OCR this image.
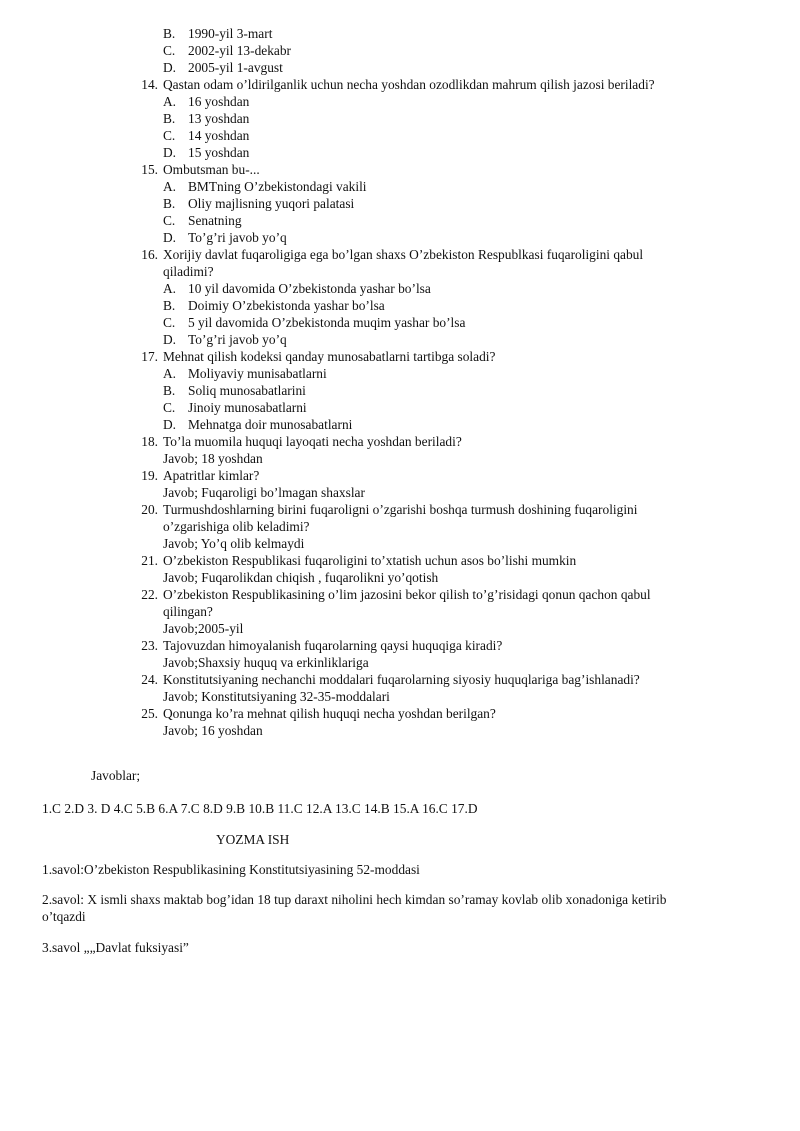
B. 1990-yil 3-mart
C. 2002-yil 13-dekabr
D. 2005-yil 1-avgust
14. Qastan odam o’ldirilganlik uchun necha yoshdan ozodlikdan mahrum qilish jazosi beriladi?
A. 16 yoshdan
B. 13 yoshdan
C. 14 yoshdan
D. 15 yoshdan
15. Ombutsman bu-...
A. BMTning O’zbekistondagi vakili
B. Oliy majlisning yuqori palatasi
C. Senatning
D. To’g’ri javob yo’q
16. Xorijiy davlat fuqaroligiga ega bo’lgan shaxs O’zbekiston Respublkasi fuqaroligini qabul
qiladimi?
A. 10 yil davomida O’zbekistonda yashar bo’lsa
B. Doimiy O’zbekistonda yashar bo’lsa
C. 5 yil davomida O’zbekistonda muqim yashar bo’lsa
D. To’g’ri javob yo’q
17. Mehnat qilish kodeksi qanday munosabatlarni tartibga soladi?
A. Moliyaviy munisabatlarni
B. Soliq munosabatlarini
C. Jinoiy munosabatlarni
D. Mehnatga doir munosabatlarni
18. To’la muomila huquqi layoqati necha yoshdan beriladi?
Javob; 18 yoshdan
19. Apatritlar kimlar?
Javob; Fuqaroligi bo’lmagan shaxslar
20. Turmushdoshlarning birini fuqaroligni o’zgarishi boshqa turmush doshining fuqaroligini
o’zgarishiga olib keladimi?
Javob; Yo’q olib kelmaydi
21. O’zbekiston Respublikasi fuqaroligini to’xtatish uchun asos bo’lishi mumkin
Javob; Fuqarolikdan chiqish , fuqarolikni yo’qotish
22. O’zbekiston Respublikasining o’lim jazosini bekor qilish to’g’risidagi qonun qachon qabul
qilingan?
Javob;2005-yil
23. Tajovuzdan himoyalanish fuqarolarning qaysi huquqiga kiradi?
Javob;Shaxsiy huquq va erkinliklariga
24. Konstitutsiyaning nechanchi moddalari fuqarolarning siyosiy huquqlariga bag’ishlanadi?
Javob; Konstitutsiyaning 32-35-moddalari
25. Qonunga ko’ra mehnat qilish huquqi necha yoshdan berilgan?
Javob; 16 yoshdan
Javoblar;
1.C 2.D 3. D 4.C 5.B 6.A 7.C 8.D 9.B 10.B 11.C 12.A 13.C 14.B 15.A 16.C 17.D
YOZMA ISH
1.savol:O’zbekiston Respublikasining Konstitutsiyasining 52-moddasi
2.savol: X ismli shaxs maktab bog’idan 18 tup daraxt niholini hech kimdan so’ramay kovlab olib xonadoniga ketirib
o’tqazdi
3.savol „„Davlat fuksiyasi”
